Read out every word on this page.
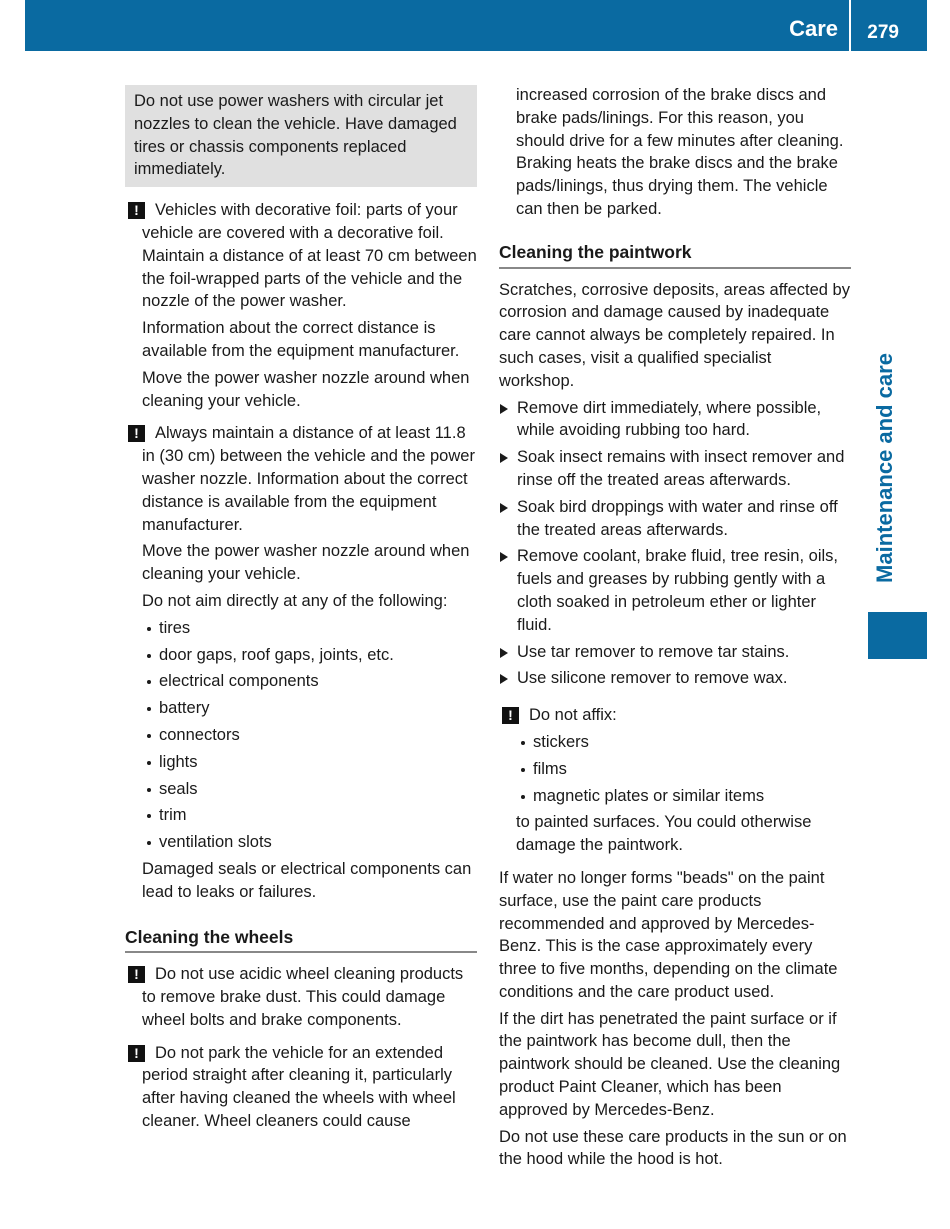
Care 279
Maintenance and care
Do not use power washers with circular jet nozzles to clean the vehicle. Have damaged tires or chassis components replaced immediately.
! Vehicles with decorative foil: parts of your vehicle are covered with a decorative foil. Maintain a distance of at least 70 cm between the foil-wrapped parts of the vehicle and the nozzle of the power washer.

Information about the correct distance is available from the equipment manufacturer.

Move the power washer nozzle around when cleaning your vehicle.

! Always maintain a distance of at least 11.8 in (30 cm) between the vehicle and the power washer nozzle. Information about the correct distance is available from the equipment manufacturer.

Move the power washer nozzle around when cleaning your vehicle.

Do not aim directly at any of the following:

tires
door gaps, roof gaps, joints, etc.
electrical components
battery
connectors
lights
seals
trim
ventilation slots

Damaged seals or electrical components can lead to leaks or failures.

Cleaning the wheels
! Do not use acidic wheel cleaning products to remove brake dust. This could damage wheel bolts and brake components.

! Do not park the vehicle for an extended period straight after cleaning it, particularly after having cleaned the wheels with wheel cleaner. Wheel cleaners could cause

increased corrosion of the brake discs and brake pads/linings. For this reason, you should drive for a few minutes after cleaning. Braking heats the brake discs and the brake pads/linings, thus drying them. The vehicle can then be parked.

Cleaning the paintwork

Scratches, corrosive deposits, areas affected by corrosion and damage caused by inadequate care cannot always be completely repaired. In such cases, visit a qualified specialist workshop.

Remove dirt immediately, where possible, while avoiding rubbing too hard.
Soak insect remains with insect remover and rinse off the treated areas afterwards.
Soak bird droppings with water and rinse off the treated areas afterwards.
Remove coolant, brake fluid, tree resin, oils, fuels and greases by rubbing gently with a cloth soaked in petroleum ether or lighter fluid.
Use tar remover to remove tar stains.
Use silicone remover to remove wax.
! Do not affix:

stickers
films
magnetic plates or similar items

to painted surfaces. You could otherwise damage the paintwork.

If water no longer forms "beads" on the paint surface, use the paint care products recommended and approved by Mercedes-Benz. This is the case approximately every three to five months, depending on the climate conditions and the care product used.

If the dirt has penetrated the paint surface or if the paintwork has become dull, then the paintwork should be cleaned. Use the cleaning product Paint Cleaner, which has been approved by Mercedes-Benz.

Do not use these care products in the sun or on the hood while the hood is hot.
